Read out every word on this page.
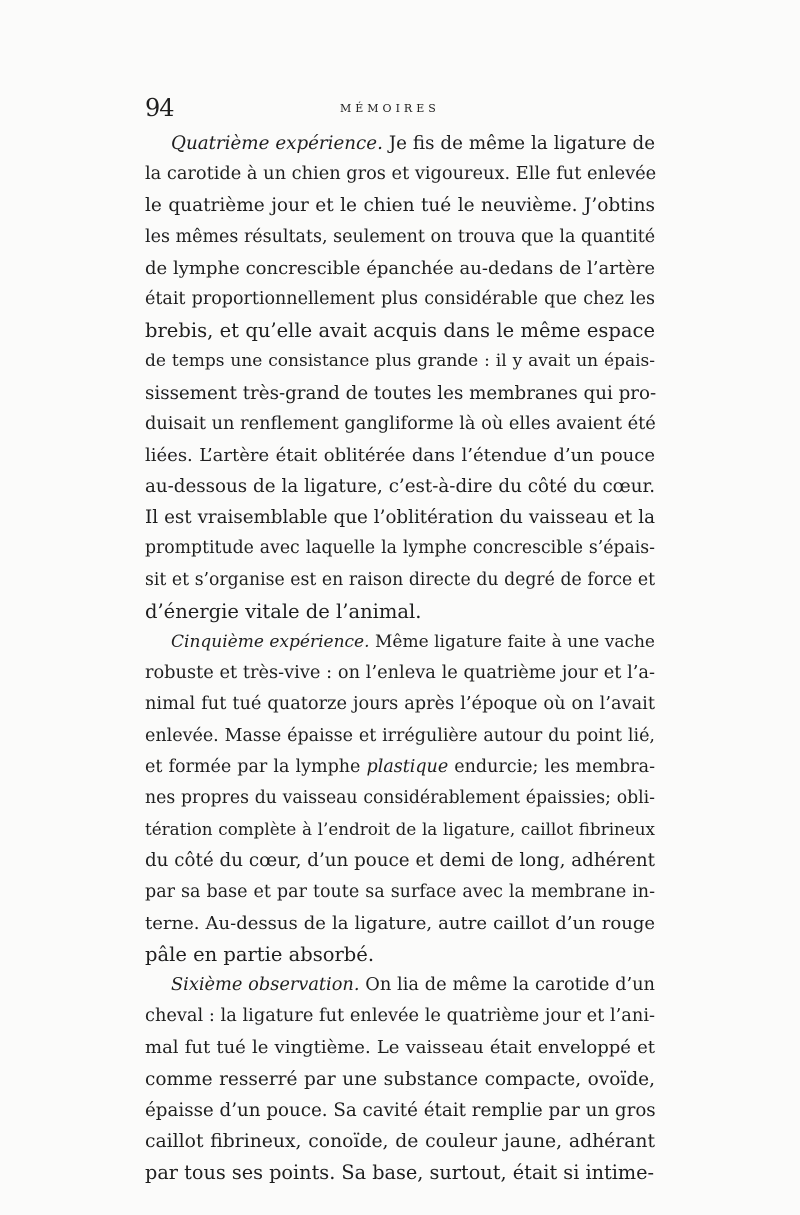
94	MÉMOIRES
Quatrième expérience. Je fis de même la ligature de
la carotide à un chien gros et vigoureux. Elle fut enlevée
le quatrième jour et le chien tué le neuvième. J’obtins
les mêmes résultats, seulement on trouva que la quantité
de lymphe concrescible épanchée au-dedans de l’artère
était proportionnellement plus considérable que chez les
brebis, et qu’elle avait acquis dans le même espace
de temps une consistance plus grande : il y avait un épais-
sissement très-grand de toutes les membranes qui pro-
duisait un renflement gangliforme là où elles avaient été
liées. L’artère était oblitérée dans l’étendue d’un pouce
au-dessous de la ligature, c’est-à-dire du côté du cœur.
Il est vraisemblable que l’oblitération du vaisseau et la
promptitude avec laquelle la lymphe concrescible s’épais-
sit et s’organise est en raison directe du degré de force et
d’énergie vitale de l’animal.
Cinquième expérience. Même ligature faite à une vache
robuste et très-vive : on l’enleva le quatrième jour et l’a-
nimal fut tué quatorze jours après l’époque où on l’avait
enlevée. Masse épaisse et irrégulière autour du point lié,
et formée par la lymphe plastique endurcie; les membra-
nes propres du vaisseau considérablement épaissies; obli-
tération complète à l’endroit de la ligature, caillot fibrineux
du côté du cœur, d’un pouce et demi de long, adhérent
par sa base et par toute sa surface avec la membrane in-
terne. Au-dessus de la ligature, autre caillot d’un rouge
pâle en partie absorbé.
Sixième observation. On lia de même la carotide d’un
cheval : la ligature fut enlevée le quatrième jour et l’ani-
mal fut tué le vingtième. Le vaisseau était enveloppé et
comme resserré par une substance compacte, ovoïde,
épaisse d’un pouce. Sa cavité était remplie par un gros
caillot fibrineux, conoïde, de couleur jaune, adhérant
par tous ses points. Sa base, surtout, était si intime-
